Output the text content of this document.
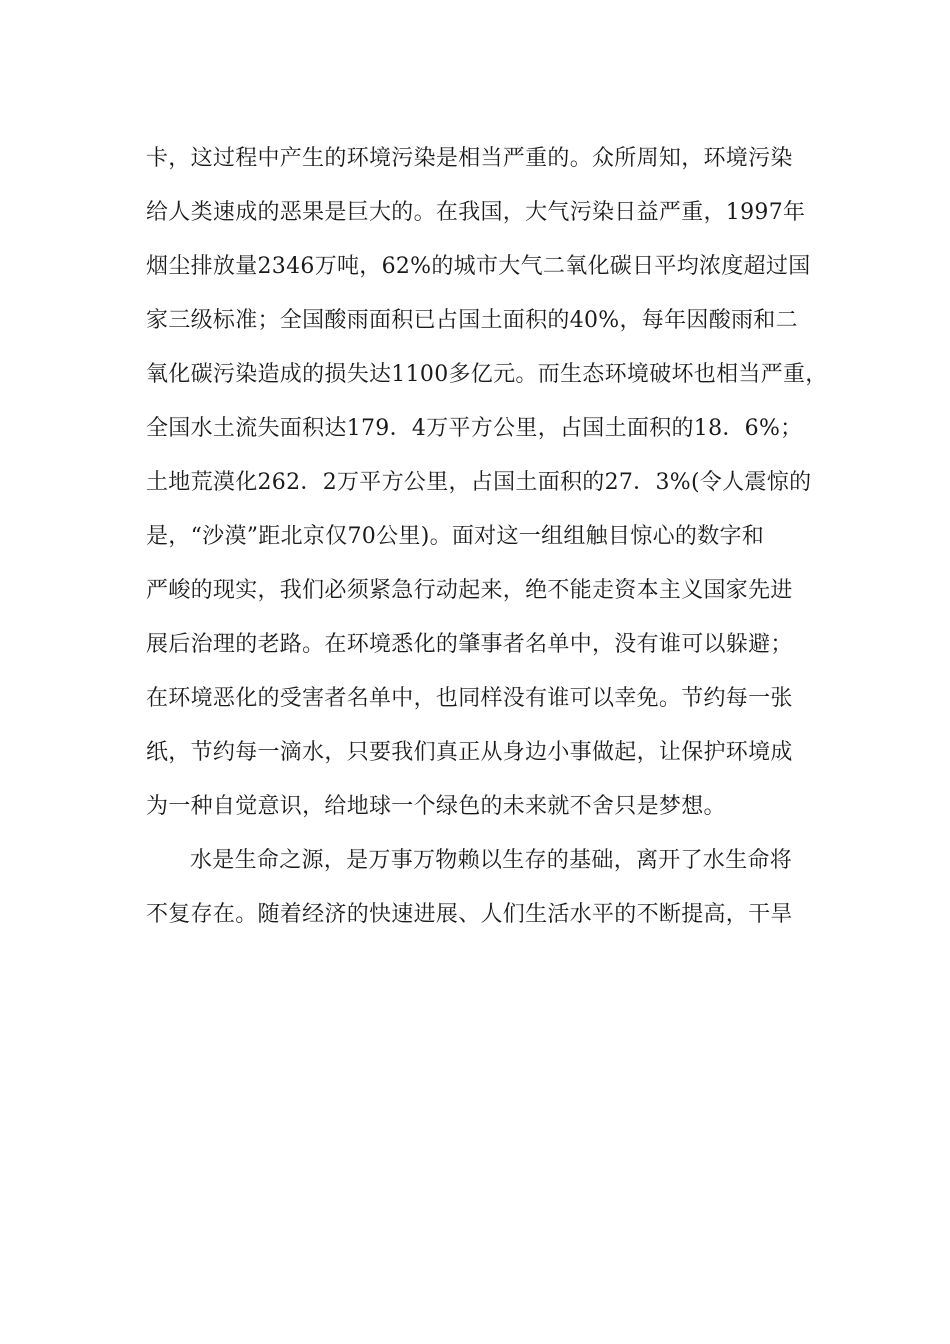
卡，这过程中产生的环境污染是相当严重的。众所周知，环境污染
给人类速成的恶果是巨大的。在我国，大气污染日益严重，1997年
烟尘排放量2346万吨，62%的城市大气二氧化碳日平均浓度超过国
家三级标准；全国酸雨面积已占国土面积的40%，每年因酸雨和二
氧化碳污染造成的损失达1100多亿元。而生态环境破坏也相当严重，
全国水土流失面积达179．4万平方公里，占国土面积的18．6%；
土地荒漠化262．2万平方公里，占国土面积的27．3%(令人震惊的
是，“沙漠”距北京仅70公里)。面对这一组组触目惊心的数字和
严峻的现实，我们必须紧急行动起来，绝不能走资本主义国家先进
展后治理的老路。在环境悉化的肇事者名单中，没有谁可以躲避；
在环境恶化的受害者名单中，也同样没有谁可以幸免。节约每一张
纸，节约每一滴水，只要我们真正从身边小事做起，让保护环境成
为一种自觉意识，给地球一个绿色的未来就不舍只是梦想。
水是生命之源，是万事万物赖以生存的基础，离开了水生命将
不复存在。随着经济的快速进展、人们生活水平的不断提高，干旱
